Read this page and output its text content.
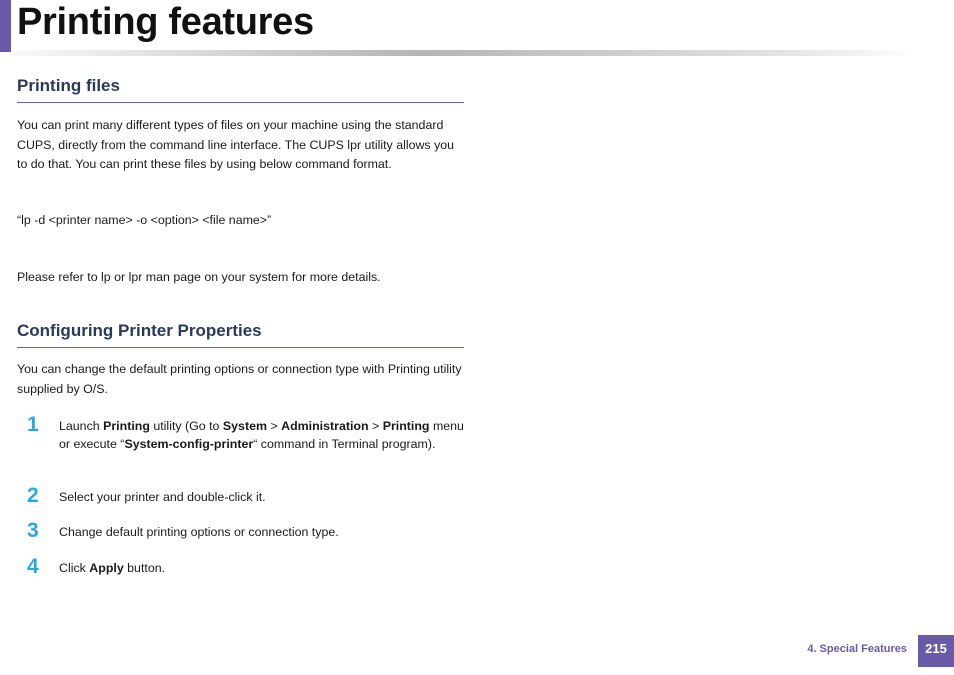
Printing features
Printing files

You can print many different types of files on your machine using the standard CUPS, directly from the command line interface. The CUPS lpr utility allows you to do that. You can print these files by using below command format.

“lp -d <printer name> -o <option> <file name>”

Please refer to lp or lpr man page on your system for more details.

Configuring Printer Properties

You can change the default printing options or connection type with Printing utility supplied by O/S.

1 Launch Printing utility (Go to System > Administration > Printing menu or execute “System-config-printer“ command in Terminal program).

2 Select your printer and double-click it.

3 Change default printing options or connection type.

4 Click Apply button.

4. Special Features	215
